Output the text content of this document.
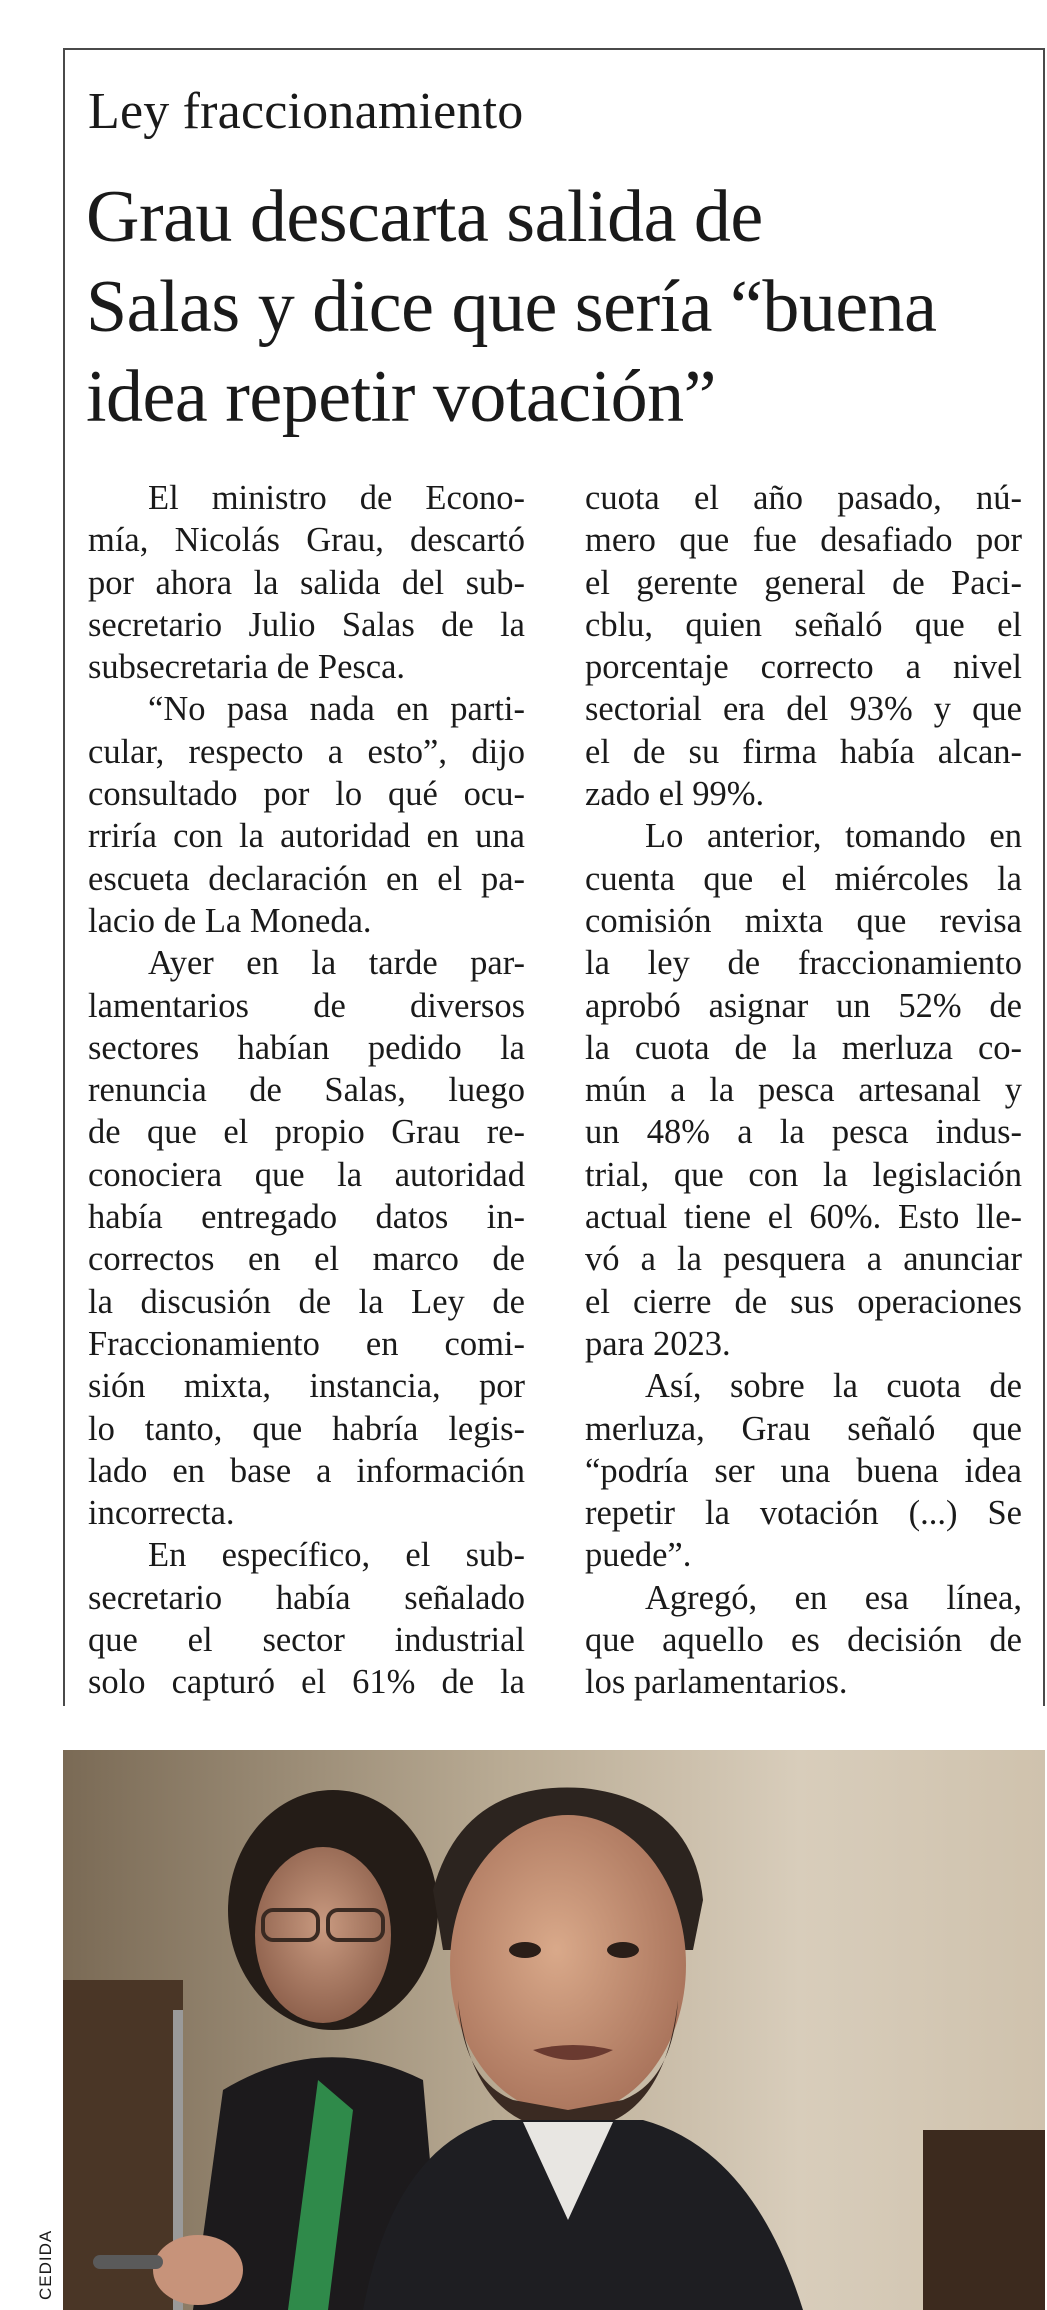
Ley fraccionamiento
Grau descarta salida de
Salas y dice que sería “buena
idea repetir votación”
El ministro de Econo-
mía, Nicolás Grau, descartó
por ahora la salida del sub-
secretario Julio Salas de la
subsecretaria de Pesca.
“No pasa nada en parti-
cular, respecto a esto”, dijo
consultado por lo qué ocu-
rriría con la autoridad en una
escueta declaración en el pa-
lacio de La Moneda.
Ayer en la tarde par-
lamentarios de diversos
sectores habían pedido la
renuncia de Salas, luego
de que el propio Grau re-
conociera que la autoridad
había entregado datos in-
correctos en el marco de
la discusión de la Ley de
Fraccionamiento en comi-
sión mixta, instancia, por
lo tanto, que habría legis-
lado en base a información
incorrecta.
En específico, el sub-
secretario había señalado
que el sector industrial
solo capturó el 61% de la
cuota el año pasado, nú-
mero que fue desafiado por
el gerente general de Paci-
cblu, quien señaló que el
porcentaje correcto a nivel
sectorial era del 93% y que
el de su firma había alcan-
zado el 99%.
Lo anterior, tomando en
cuenta que el miércoles la
comisión mixta que revisa
la ley de fraccionamiento
aprobó asignar un 52% de
la cuota de la merluza co-
mún a la pesca artesanal y
un 48% a la pesca indus-
trial, que con la legislación
actual tiene el 60%. Esto lle-
vó a la pesquera a anunciar
el cierre de sus operaciones
para 2023.
Así, sobre la cuota de
merluza, Grau señaló que
“podría ser una buena idea
repetir la votación (...) Se
puede”.
Agregó, en esa línea,
que aquello es decisión de
los parlamentarios.
CEDIDA
